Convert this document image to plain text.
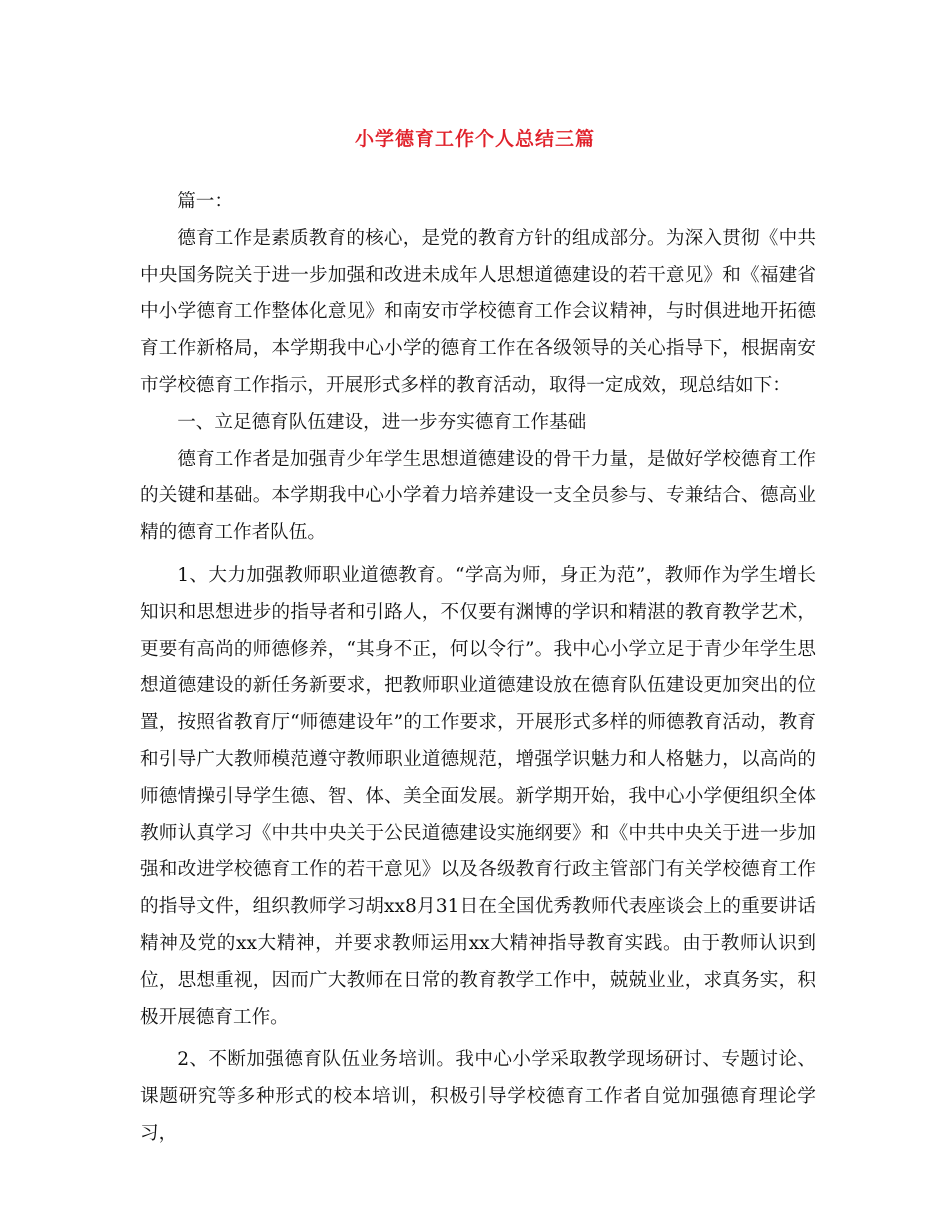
小学德育工作个人总结三篇

篇一：

德育工作是素质教育的核心，是党的教育方针的组成部分。为深入贯彻《中共中央国务院关于进一步加强和改进未成年人思想道德建设的若干意见》和《福建省中小学德育工作整体化意见》和南安市学校德育工作会议精神，与时俱进地开拓德育工作新格局，本学期我中心小学的德育工作在各级领导的关心指导下，根据南安市学校德育工作指示，开展形式多样的教育活动，取得一定成效，现总结如下：

一、立足德育队伍建设，进一步夯实德育工作基础

德育工作者是加强青少年学生思想道德建设的骨干力量，是做好学校德育工作的关键和基础。本学期我中心小学着力培养建设一支全员参与、专兼结合、德高业精的德育工作者队伍。

1、大力加强教师职业道德教育。“学高为师，身正为范”，教师作为学生增长知识和思想进步的指导者和引路人，不仅要有渊博的学识和精湛的教育教学艺术，更要有高尚的师德修养，“其身不正，何以令行”。我中心小学立足于青少年学生思想道德建设的新任务新要求，把教师职业道德建设放在德育队伍建设更加突出的位置，按照省教育厅“师德建设年”的工作要求，开展形式多样的师德教育活动，教育和引导广大教师模范遵守教师职业道德规范，增强学识魅力和人格魅力，以高尚的师德情操引导学生德、智、体、美全面发展。新学期开始，我中心小学便组织全体教师认真学习《中共中央关于公民道德建设实施纲要》和《中共中央关于进一步加强和改进学校德育工作的若干意见》以及各级教育行政主管部门有关学校德育工作的指导文件，组织教师学习胡xx8月31日在全国优秀教师代表座谈会上的重要讲话精神及党的xx大精神，并要求教师运用xx大精神指导教育实践。由于教师认识到位，思想重视，因而广大教师在日常的教育教学工作中，兢兢业业，求真务实，积极开展德育工作。

2、不断加强德育队伍业务培训。我中心小学采取教学现场研讨、专题讨论、课题研究等多种形式的校本培训，积极引导学校德育工作者自觉加强德育理论学习，
